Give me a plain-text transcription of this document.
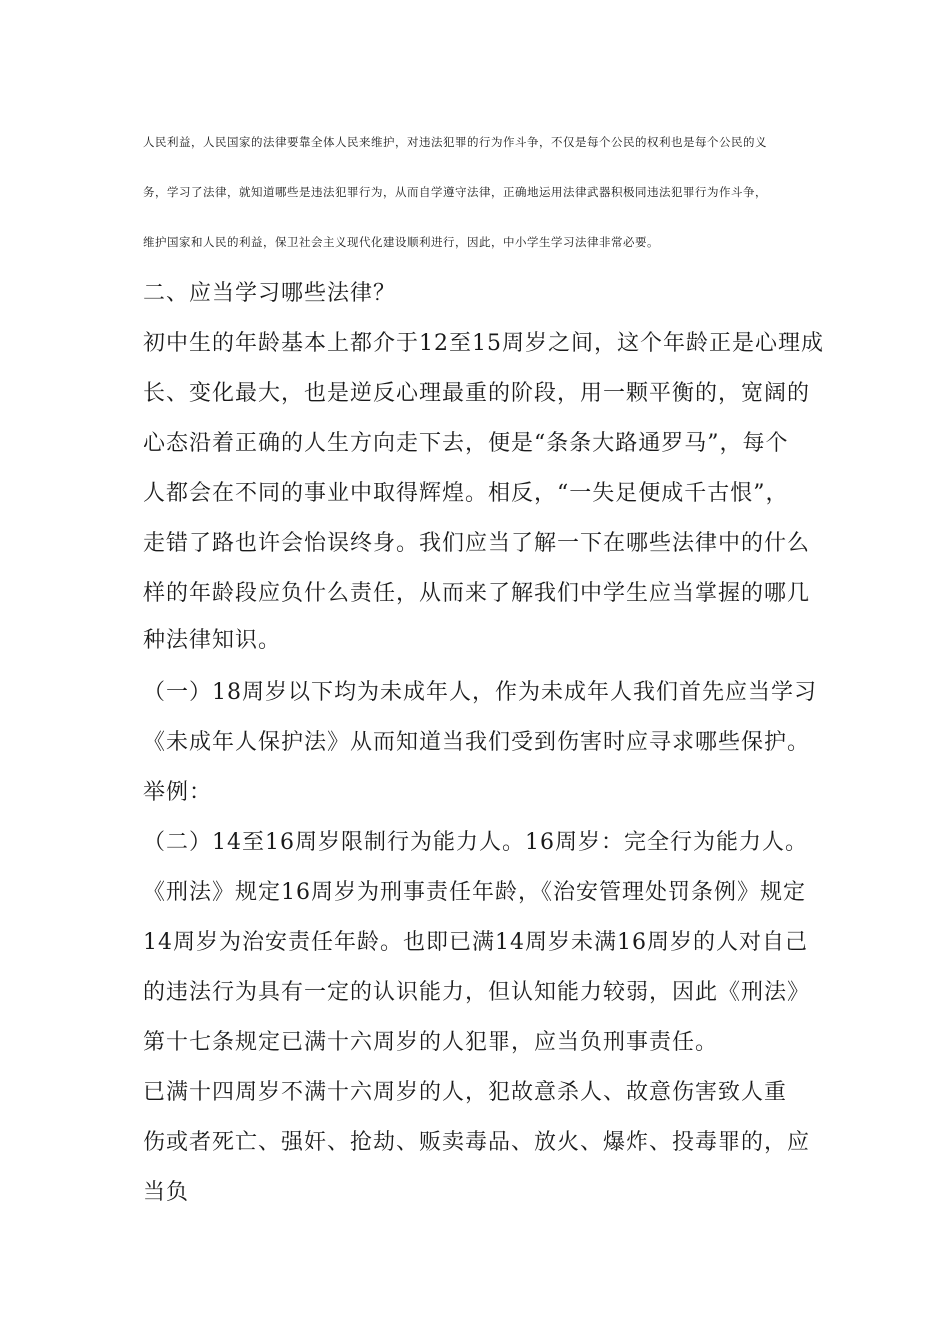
人民利益，人民国家的法律要靠全体人民来维护，对违法犯罪的行为作斗争，不仅是每个公民的权利也是每个公民的义

务，学习了法律，就知道哪些是违法犯罪行为，从而自学遵守法律，正确地运用法律武器积极同违法犯罪行为作斗争，

维护国家和人民的利益，保卫社会主义现代化建设顺利进行，因此，中小学生学习法律非常必要。

二、应当学习哪些法律？

初中生的年龄基本上都介于12至15周岁之间，这个年龄正是心理成

长、变化最大，也是逆反心理最重的阶段，用一颗平衡的，宽阔的

心态沿着正确的人生方向走下去，便是“条条大路通罗马”，每个

人都会在不同的事业中取得辉煌。相反，“一失足便成千古恨”，

走错了路也许会怡误终身。我们应当了解一下在哪些法律中的什么

样的年龄段应负什么责任，从而来了解我们中学生应当掌握的哪几

种法律知识。

（一）18周岁以下均为未成年人，作为未成年人我们首先应当学习

《未成年人保护法》从而知道当我们受到伤害时应寻求哪些保护。

举例：

（二）14至16周岁限制行为能力人。16周岁：完全行为能力人。

《刑法》规定16周岁为刑事责任年龄，《治安管理处罚条例》规定

14周岁为治安责任年龄。也即已满14周岁未满16周岁的人对自己

的违法行为具有一定的认识能力，但认知能力较弱，因此《刑法》

第十七条规定已满十六周岁的人犯罪，应当负刑事责任。

已满十四周岁不满十六周岁的人，犯故意杀人、故意伤害致人重

伤或者死亡、强奸、抢劫、贩卖毒品、放火、爆炸、投毒罪的，应

当负
